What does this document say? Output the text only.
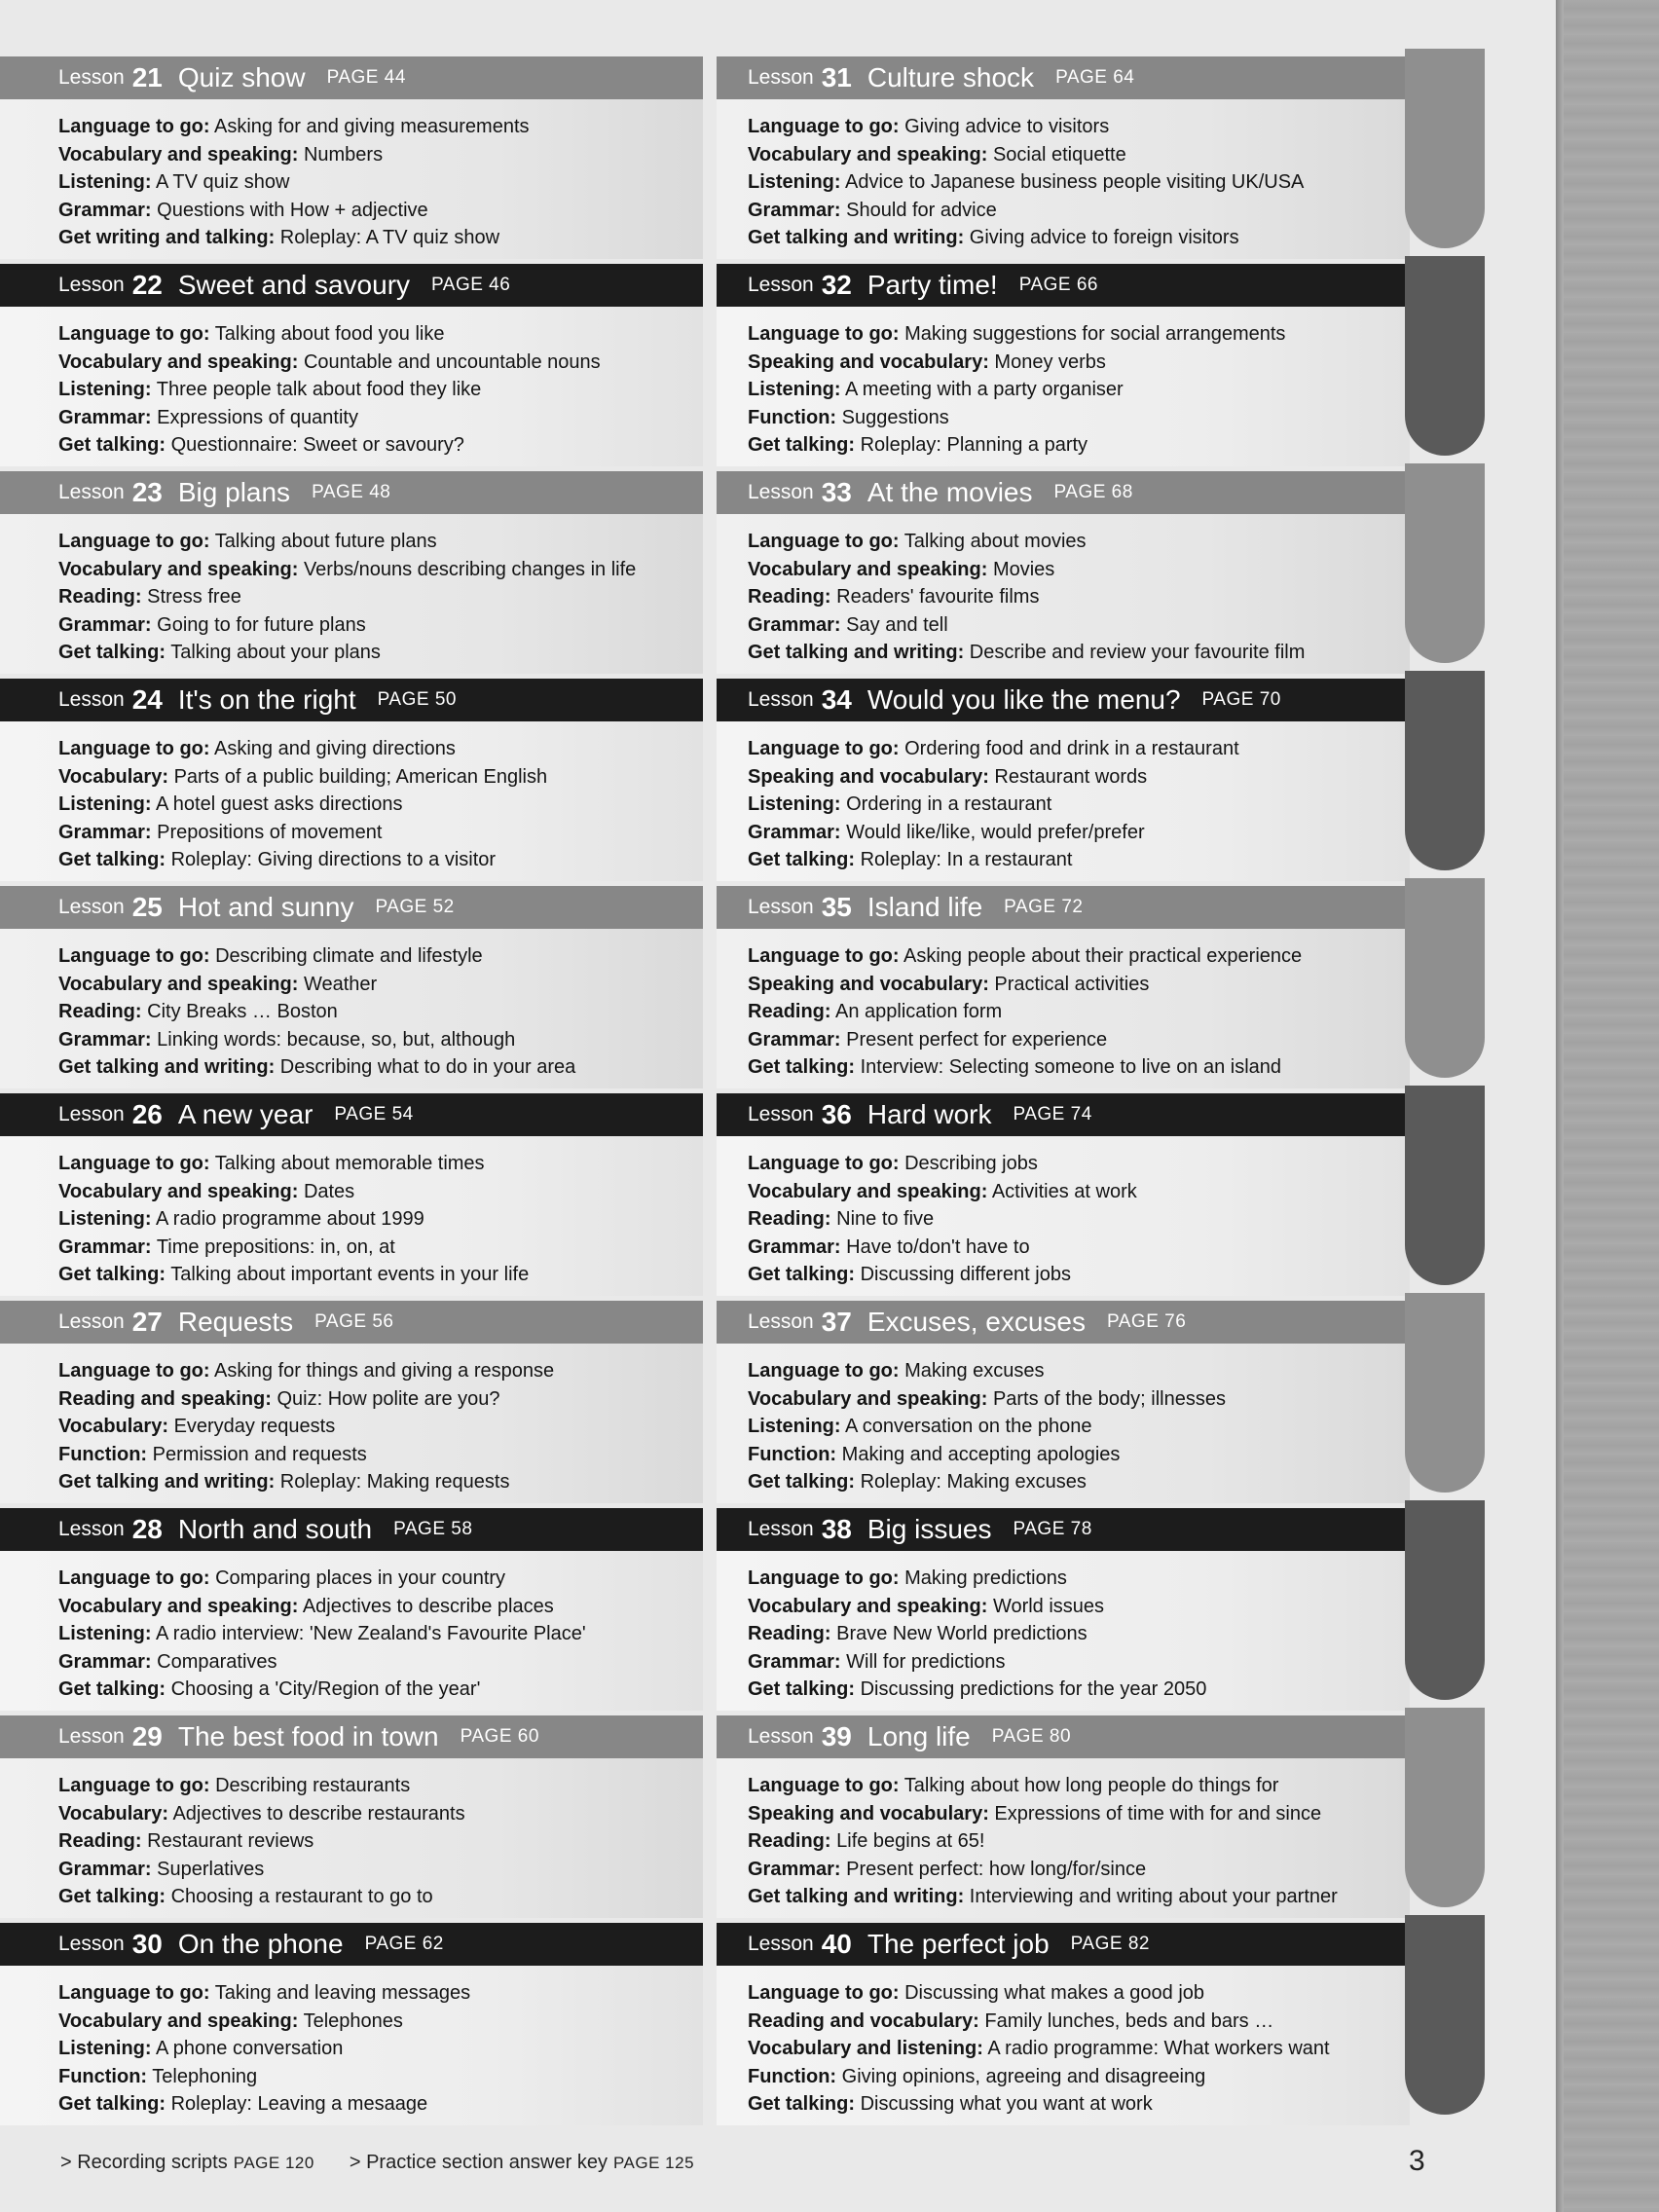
Lesson 21 Quiz show PAGE 44
Language to go: Asking for and giving measurements
Vocabulary and speaking: Numbers
Listening: A TV quiz show
Grammar: Questions with How + adjective
Get writing and talking: Roleplay: A TV quiz show
Lesson 22 Sweet and savoury PAGE 46
Language to go: Talking about food you like
Vocabulary and speaking: Countable and uncountable nouns
Listening: Three people talk about food they like
Grammar: Expressions of quantity
Get talking: Questionnaire: Sweet or savoury?
Lesson 23 Big plans PAGE 48
Language to go: Talking about future plans
Vocabulary and speaking: Verbs/nouns describing changes in life
Reading: Stress free
Grammar: Going to for future plans
Get talking: Talking about your plans
Lesson 24 It's on the right PAGE 50
Language to go: Asking and giving directions
Vocabulary: Parts of a public building; American English
Listening: A hotel guest asks directions
Grammar: Prepositions of movement
Get talking: Roleplay: Giving directions to a visitor
Lesson 25 Hot and sunny PAGE 52
Language to go: Describing climate and lifestyle
Vocabulary and speaking: Weather
Reading: City Breaks … Boston
Grammar: Linking words: because, so, but, although
Get talking and writing: Describing what to do in your area
Lesson 26 A new year PAGE 54
Language to go: Talking about memorable times
Vocabulary and speaking: Dates
Listening: A radio programme about 1999
Grammar: Time prepositions: in, on, at
Get talking: Talking about important events in your life
Lesson 27 Requests PAGE 56
Language to go: Asking for things and giving a response
Reading and speaking: Quiz: How polite are you?
Vocabulary: Everyday requests
Function: Permission and requests
Get talking and writing: Roleplay: Making requests
Lesson 28 North and south PAGE 58
Language to go: Comparing places in your country
Vocabulary and speaking: Adjectives to describe places
Listening: A radio interview: 'New Zealand's Favourite Place'
Grammar: Comparatives
Get talking: Choosing a 'City/Region of the year'
Lesson 29 The best food in town PAGE 60
Language to go: Describing restaurants
Vocabulary: Adjectives to describe restaurants
Reading: Restaurant reviews
Grammar: Superlatives
Get talking: Choosing a restaurant to go to
Lesson 30 On the phone PAGE 62
Language to go: Taking and leaving messages
Vocabulary and speaking: Telephones
Listening: A phone conversation
Function: Telephoning
Get talking: Roleplay: Leaving a mesaage
Lesson 31 Culture shock PAGE 64
Language to go: Giving advice to visitors
Vocabulary and speaking: Social etiquette
Listening: Advice to Japanese business people visiting UK/USA
Grammar: Should for advice
Get talking and writing: Giving advice to foreign visitors
Lesson 32 Party time! PAGE 66
Language to go: Making suggestions for social arrangements
Speaking and vocabulary: Money verbs
Listening: A meeting with a party organiser
Function: Suggestions
Get talking: Roleplay: Planning a party
Lesson 33 At the movies PAGE 68
Language to go: Talking about movies
Vocabulary and speaking: Movies
Reading: Readers' favourite films
Grammar: Say and tell
Get talking and writing: Describe and review your favourite film
Lesson 34 Would you like the menu? PAGE 70
Language to go: Ordering food and drink in a restaurant
Speaking and vocabulary: Restaurant words
Listening: Ordering in a restaurant
Grammar: Would like/like, would prefer/prefer
Get talking: Roleplay: In a restaurant
Lesson 35 Island life PAGE 72
Language to go: Asking people about their practical experience
Speaking and vocabulary: Practical activities
Reading: An application form
Grammar: Present perfect for experience
Get talking: Interview: Selecting someone to live on an island
Lesson 36 Hard work PAGE 74
Language to go: Describing jobs
Vocabulary and speaking: Activities at work
Reading: Nine to five
Grammar: Have to/don't have to
Get talking: Discussing different jobs
Lesson 37 Excuses, excuses PAGE 76
Language to go: Making excuses
Vocabulary and speaking: Parts of the body; illnesses
Listening: A conversation on the phone
Function: Making and accepting apologies
Get talking: Roleplay: Making excuses
Lesson 38 Big issues PAGE 78
Language to go: Making predictions
Vocabulary and speaking: World issues
Reading: Brave New World predictions
Grammar: Will for predictions
Get talking: Discussing predictions for the year 2050
Lesson 39 Long life PAGE 80
Language to go: Talking about how long people do things for
Speaking and vocabulary: Expressions of time with for and since
Reading: Life begins at 65!
Grammar: Present perfect: how long/for/since
Get talking and writing: Interviewing and writing about your partner
Lesson 40 The perfect job PAGE 82
Language to go: Discussing what makes a good job
Reading and vocabulary: Family lunches, beds and bars …
Vocabulary and listening: A radio programme: What workers want
Function: Giving opinions, agreeing and disagreeing
Get talking: Discussing what you want at work
> Recording scripts PAGE 120 > Practice section answer key PAGE 125	3
